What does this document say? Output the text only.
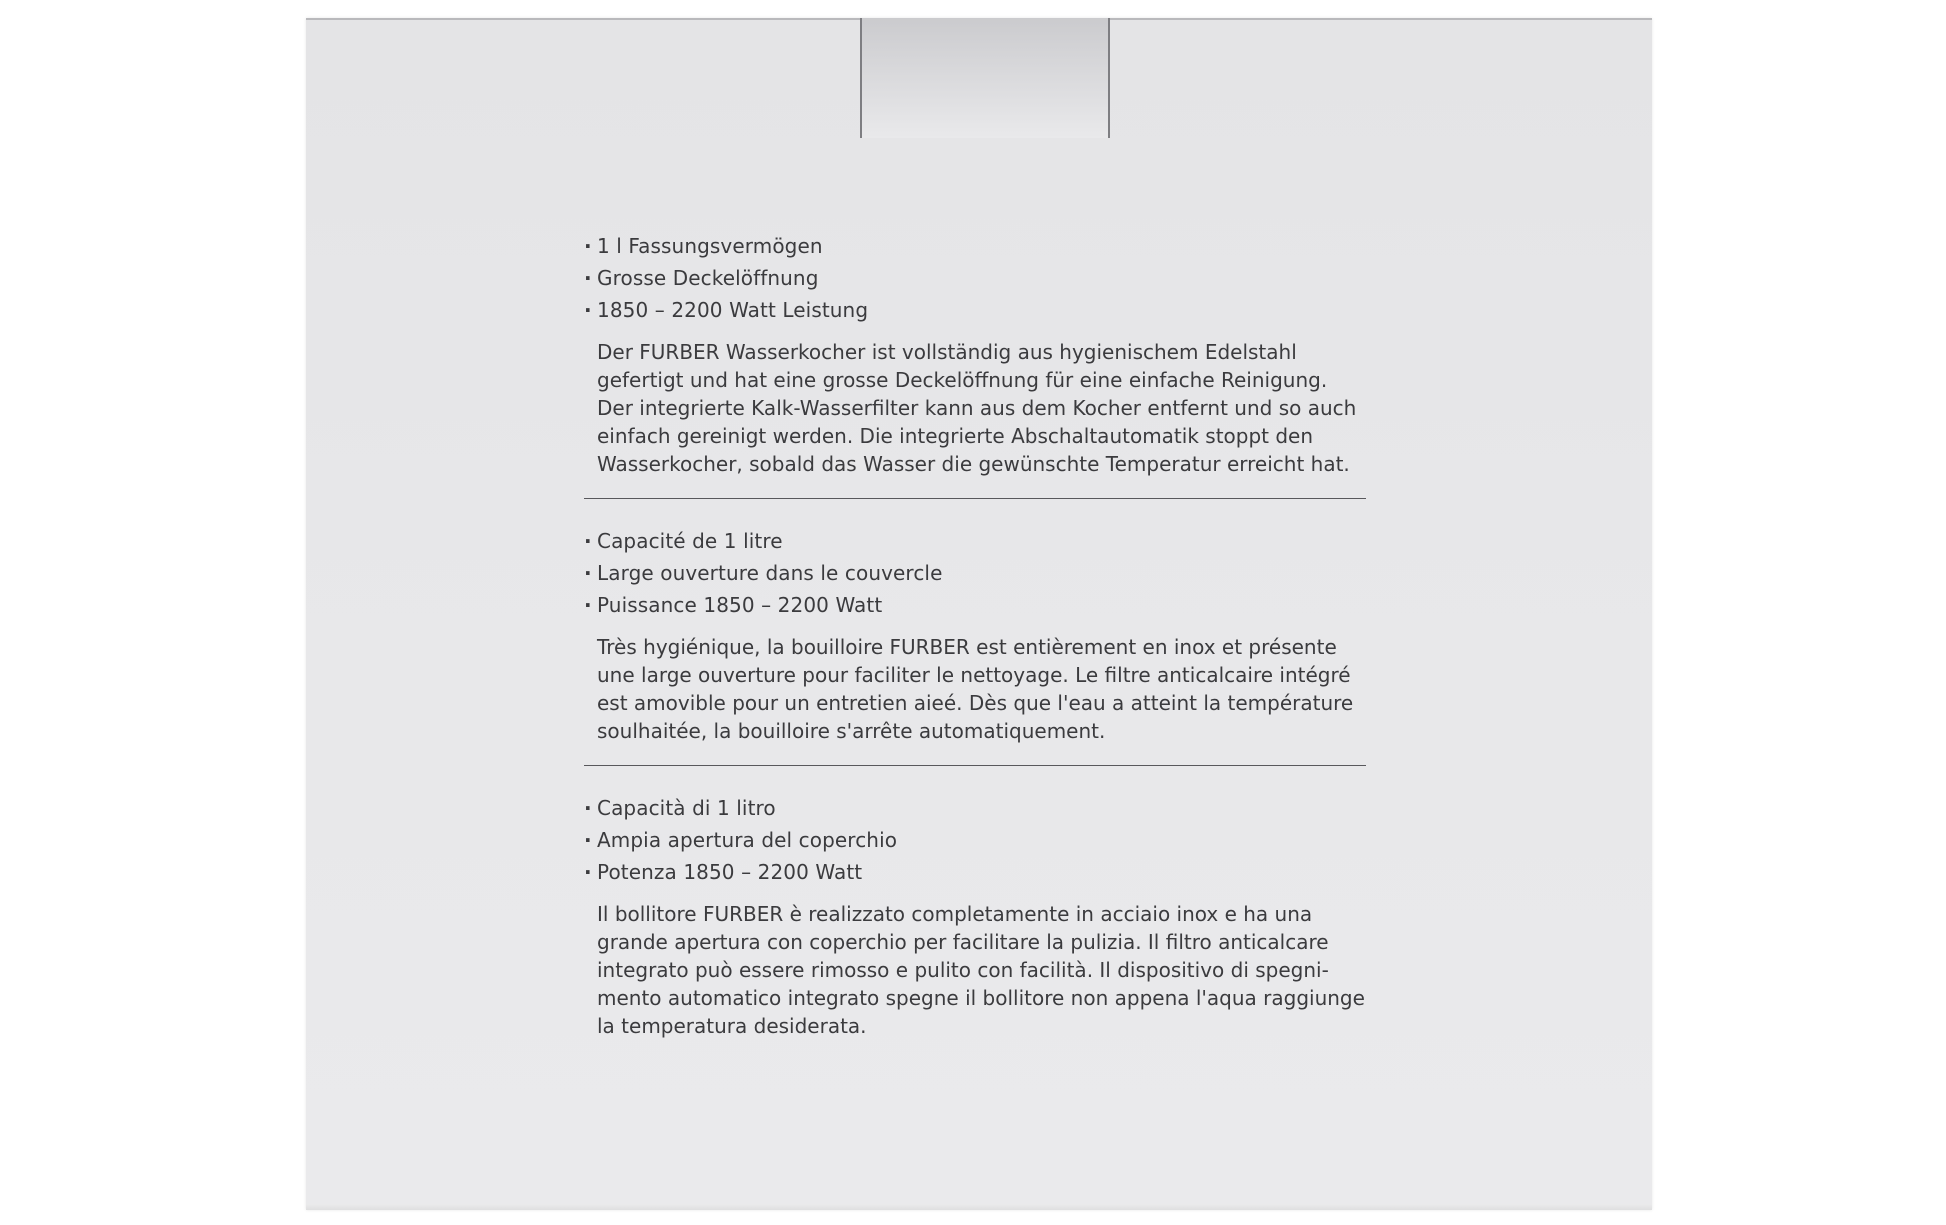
· 1 l Fassungsvermögen
· Grosse Deckelöffnung
· 1850 – 2200 Watt Leistung

Der FURBER Wasserkocher ist vollständig aus hygienischem Edelstahl gefertigt und hat eine grosse Deckelöffnung für eine einfache Reinigung. Der integrierte Kalk-Wasserfilter kann aus dem Kocher entfernt und so auch einfach gereinigt werden. Die integrierte Abschaltautomatik stoppt den Wasserkocher, sobald das Wasser die gewünschte Temperatur erreicht hat.

· Capacité de 1 litre
· Large ouverture dans le couvercle
· Puissance 1850 – 2200 Watt

Très hygiénique, la bouilloire FURBER est entièrement en inox et présente une large ouverture pour faciliter le nettoyage. Le filtre anticalcaire intégré est amovible pour un entretien aieé. Dès que l'eau a atteint la température soulhaitée, la bouilloire s'arrête automatiquement.

· Capacità di 1 litro
· Ampia apertura del coperchio
· Potenza 1850 – 2200 Watt

Il bollitore FURBER è realizzato completamente in acciaio inox e ha una grande apertura con coperchio per facilitare la pulizia. Il filtro anticalcare integrato può essere rimosso e pulito con facilità. Il dispositivo di spegni- mento automatico integrato spegne il bollitore non appena l'aqua raggiunge la temperatura desiderata.
